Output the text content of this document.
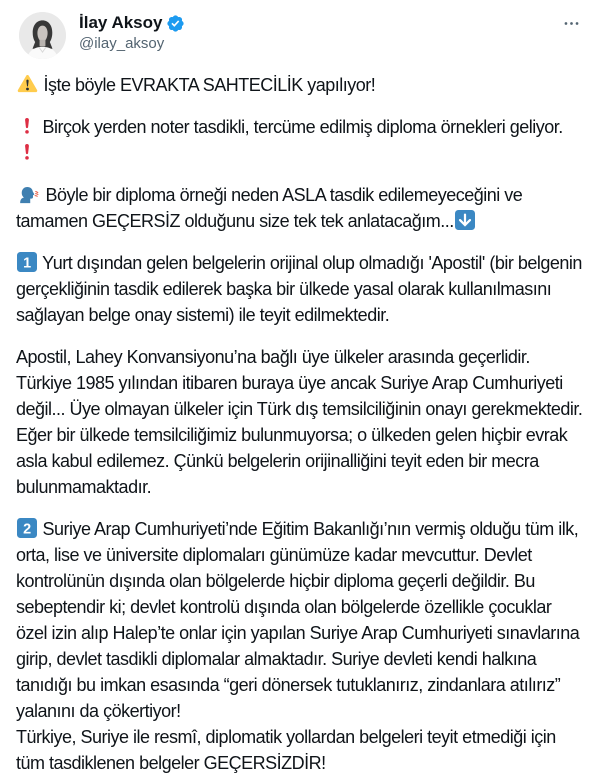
İlay Aksoy
@ilay_aksoy

İşte böyle EVRAKTA SAHTECİLİK yapılıyor!

Birçok yerden noter tasdikli, tercüme edilmiş diploma örnekleri geliyor.

Böyle bir diploma örneği neden ASLA tasdik edilemeyeceğini ve tamamen GEÇERSİZ olduğunu size tek tek anlatacağım...

1 Yurt dışından gelen belgelerin orijinal olup olmadığı 'Apostil' (bir belgenin gerçekliğinin tasdik edilerek başka bir ülkede yasal olarak kullanılmasını sağlayan belge onay sistemi) ile teyit edilmektedir.

Apostil, Lahey Konvansiyonu’na bağlı üye ülkeler arasında geçerlidir. Türkiye 1985 yılından itibaren buraya üye ancak Suriye Arap Cumhuriyeti değil... Üye olmayan ülkeler için Türk dış temsilciliğinin onayı gerekmektedir. Eğer bir ülkede temsilciliğimiz bulunmuyorsa; o ülkeden gelen hiçbir evrak asla kabul edilemez. Çünkü belgelerin orijinalliğini teyit eden bir mecra bulunmamaktadır.

2 Suriye Arap Cumhuriyeti’nde Eğitim Bakanlığı’nın vermiş olduğu tüm ilk, orta, lise ve üniversite diplomaları günümüze kadar mevcuttur. Devlet kontrolünün dışında olan bölgelerde hiçbir diploma geçerli değildir. Bu sebeptendir ki; devlet kontrolü dışında olan bölgelerde özellikle çocuklar özel izin alıp Halep’te onlar için yapılan Suriye Arap Cumhuriyeti sınavlarına girip, devlet tasdikli diplomalar almaktadır. Suriye devleti kendi halkına tanıdığı bu imkan esasında “geri dönersek tutuklanırız, zindanlara atılırız” yalanını da çökertiyor!
Türkiye, Suriye ile resmî, diplomatik yollardan belgeleri teyit etmediği için tüm tasdiklenen belgeler GEÇERSİZDİR!
